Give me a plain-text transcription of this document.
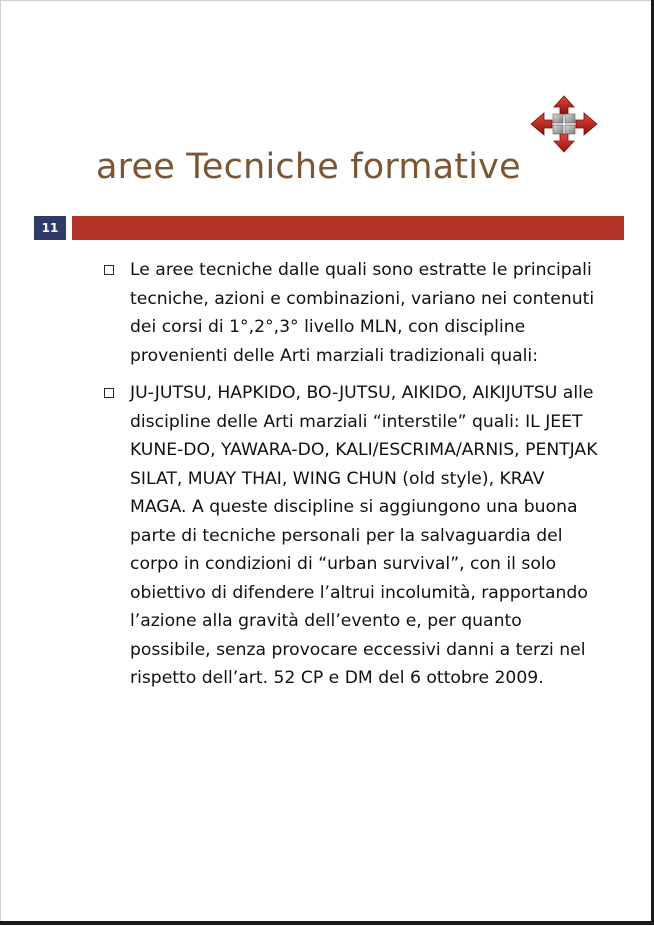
aree Tecniche formative
11
Le aree tecniche dalle quali sono estratte le principali tecniche, azioni e combinazioni, variano nei contenuti dei corsi di 1°,2°,3° livello MLN, con discipline provenienti delle Arti marziali tradizionali quali:
JU-JUTSU, HAPKIDO, BO-JUTSU, AIKIDO, AIKIJUTSU alle discipline delle Arti marziali “interstile” quali: IL JEET KUNE-DO, YAWARA-DO, KALI/ESCRIMA/ARNIS, PENTJAK SILAT, MUAY THAI, WING CHUN (old style), KRAV MAGA. A queste discipline si aggiungono una buona parte di tecniche personali per la salvaguardia del corpo in condizioni di “urban survival”, con il solo obiettivo di difendere l’altrui incolumità, rapportando l’azione alla gravità dell’evento e, per quanto possibile, senza provocare eccessivi danni a terzi nel rispetto dell’art. 52 CP e DM del 6 ottobre 2009.
